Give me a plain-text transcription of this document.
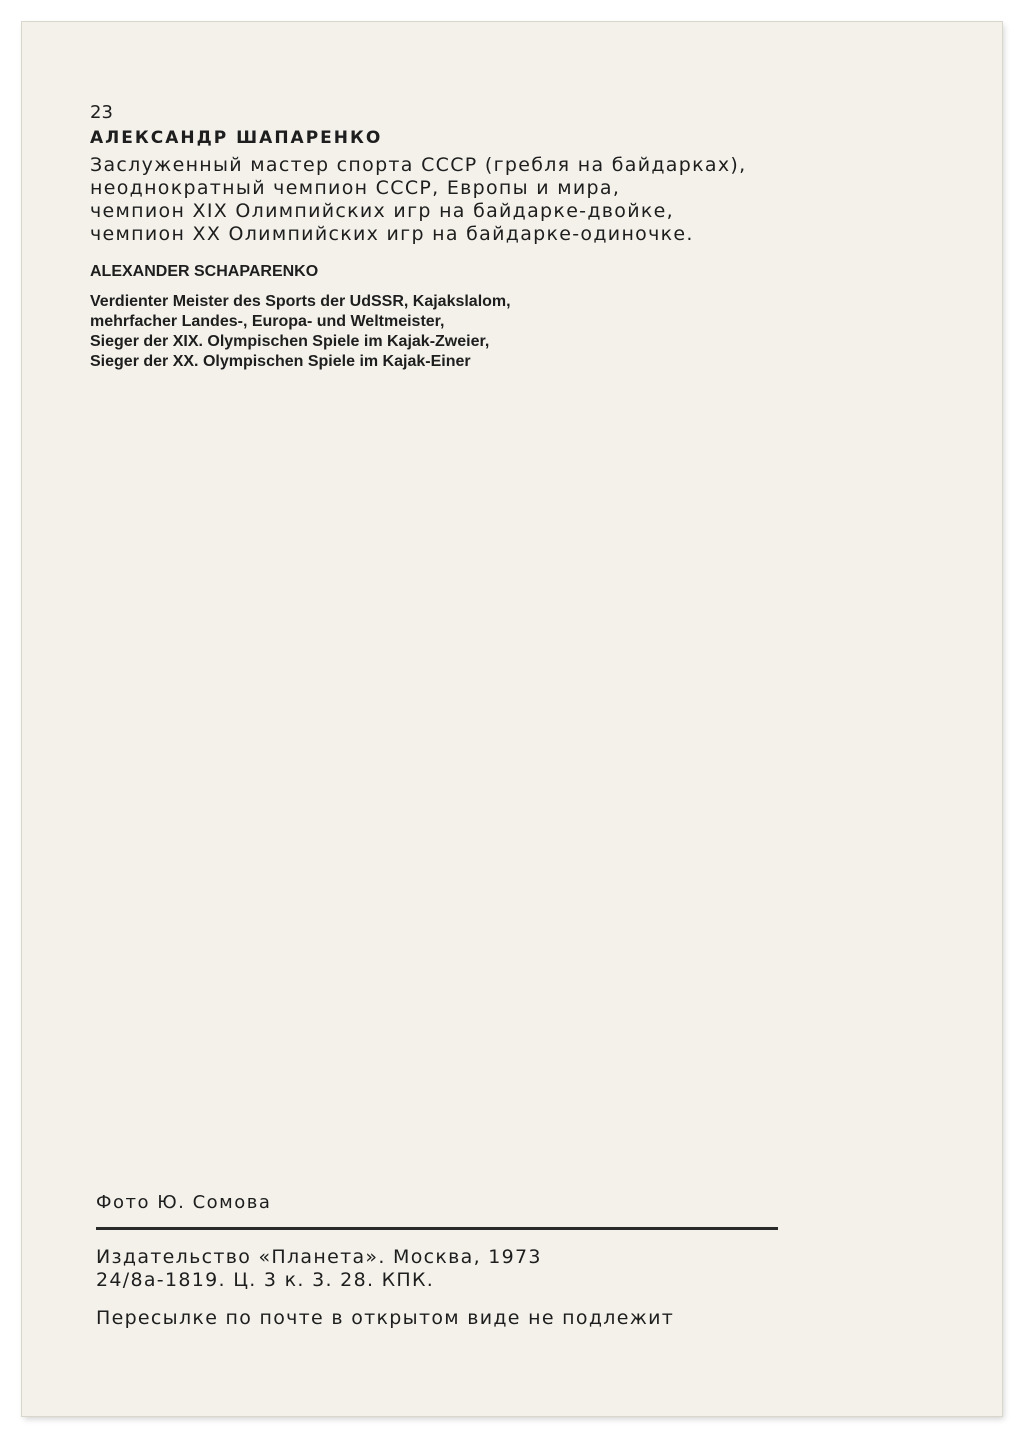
23

АЛЕКСАНДР ШАПАРЕНКО

Заслуженный мастер спорта СССР (гребля на байдарках),
неоднократный чемпион СССР, Европы и мира,
чемпион XIX Олимпийских игр на байдарке-двойке,
чемпион XX Олимпийских игр на байдарке-одиночке.

ALEXANDER SCHAPARENKO

Verdienter Meister des Sports der UdSSR, Kajakslalom,
mehrfacher Landes-, Europa- und Weltmeister,
Sieger der XIX. Olympischen Spiele im Kajak-Zweier,
Sieger der XX. Olympischen Spiele im Kajak-Einer

Фото Ю. Сомова

Издательство «Планета». Москва, 1973
24/8а-1819. Ц. 3 к. 3. 28. КПК.

Пересылке по почте в открытом виде не подлежит
